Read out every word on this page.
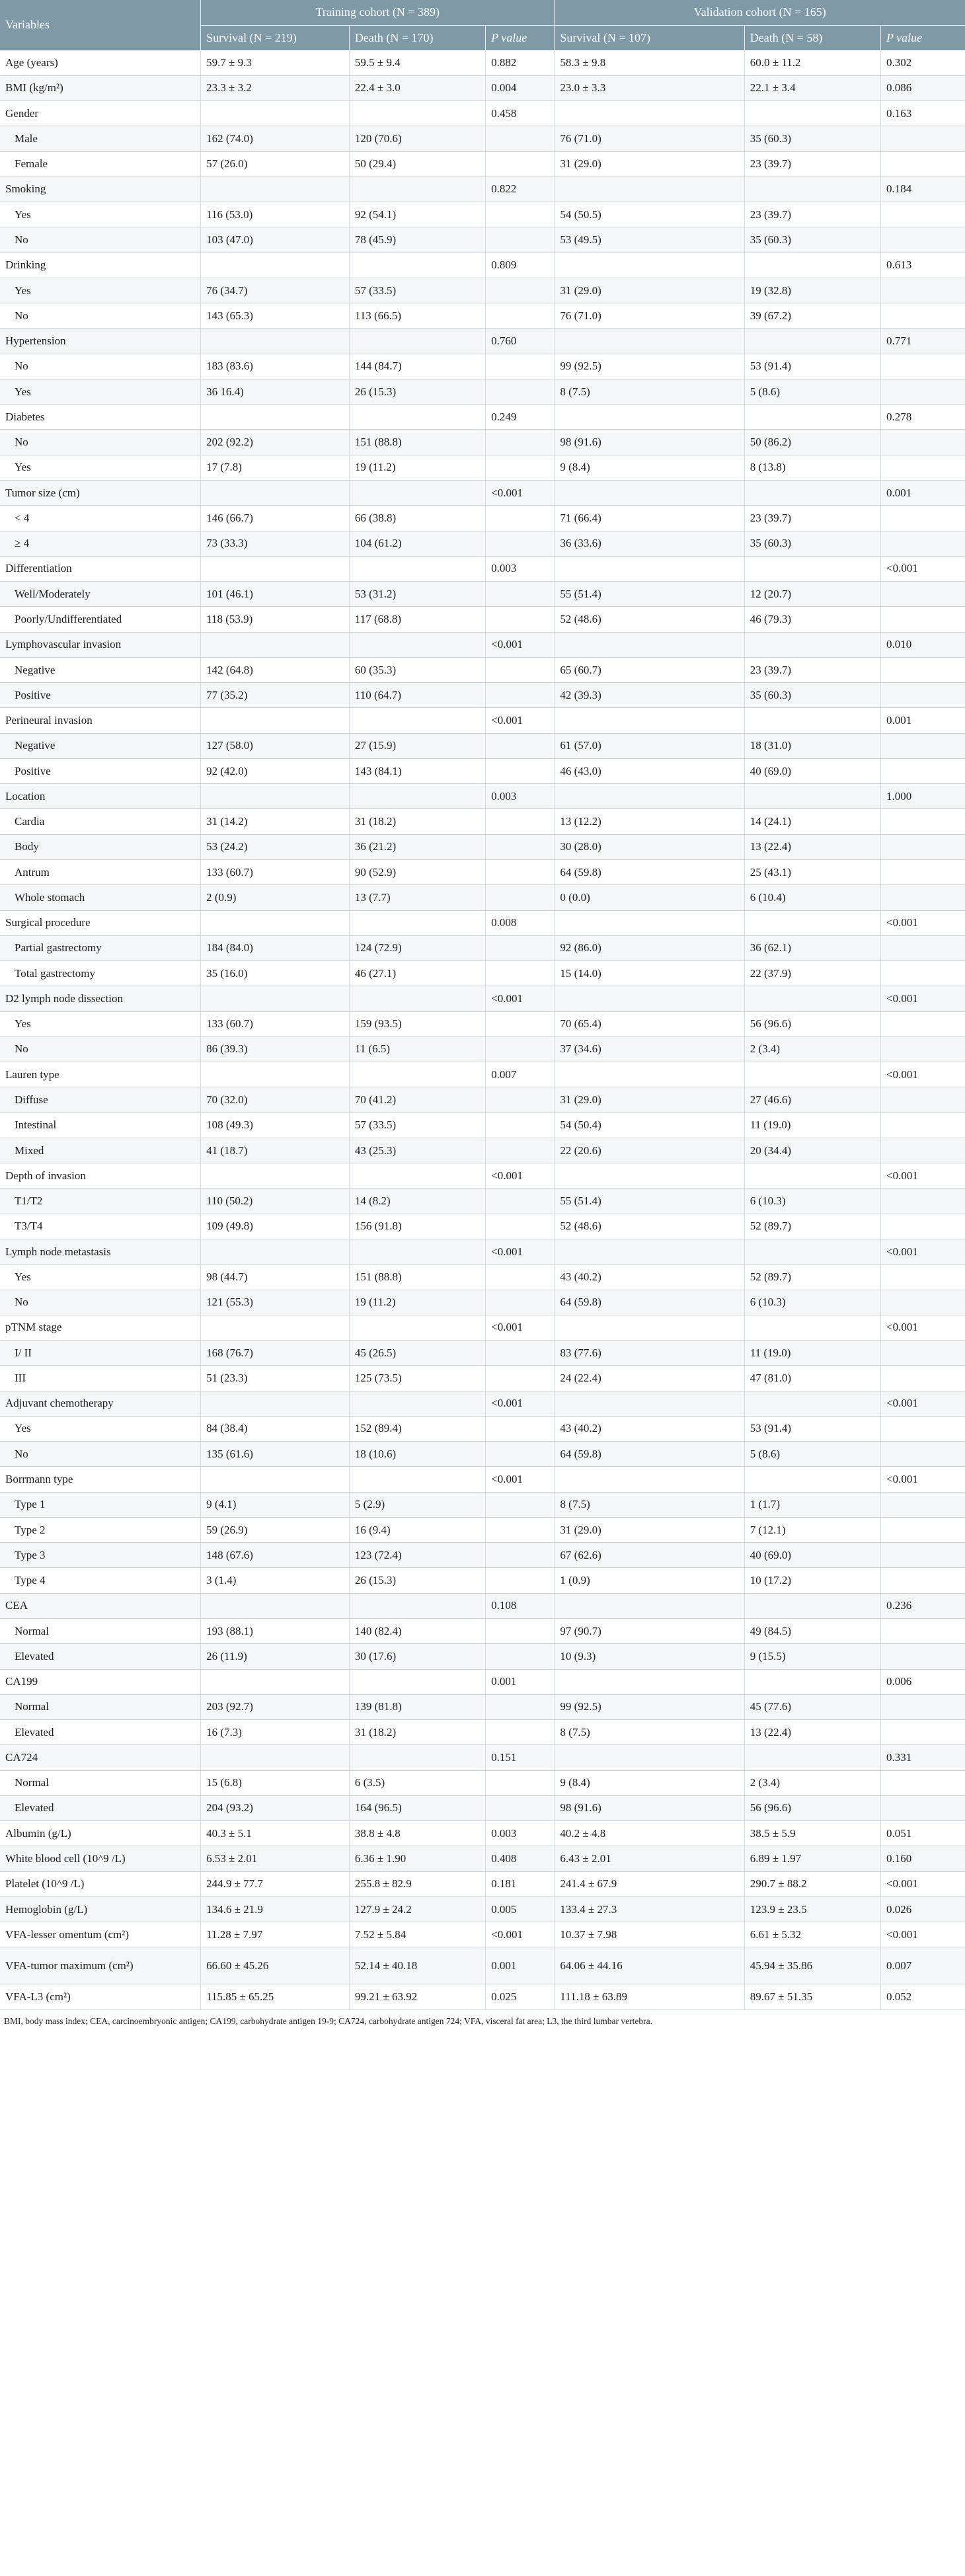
Variables	Training cohort (N = 389)			Validation cohort (N = 165)		
	Survival (N = 219)	Death (N = 170)	P value	Survival (N = 107)	Death (N = 58)	P value
Age (years)	59.7 ± 9.3	59.5 ± 9.4	0.882	58.3 ± 9.8	60.0 ± 11.2	0.302
BMI (kg/m²)	23.3 ± 3.2	22.4 ± 3.0	0.004	23.0 ± 3.3	22.1 ± 3.4	0.086
Gender			0.458			0.163
Male	162 (74.0)	120 (70.6)		76 (71.0)	35 (60.3)	
Female	57 (26.0)	50 (29.4)		31 (29.0)	23 (39.7)	
Smoking			0.822			0.184
Yes	116 (53.0)	92 (54.1)		54 (50.5)	23 (39.7)	
No	103 (47.0)	78 (45.9)		53 (49.5)	35 (60.3)	
Drinking			0.809			0.613
Yes	76 (34.7)	57 (33.5)		31 (29.0)	19 (32.8)	
No	143 (65.3)	113 (66.5)		76 (71.0)	39 (67.2)	
Hypertension			0.760			0.771
No	183 (83.6)	144 (84.7)		99 (92.5)	53 (91.4)	
Yes	36 16.4)	26 (15.3)		8 (7.5)	5 (8.6)	
Diabetes			0.249			0.278
No	202 (92.2)	151 (88.8)		98 (91.6)	50 (86.2)	
Yes	17 (7.8)	19 (11.2)		9 (8.4)	8 (13.8)	
Tumor size (cm)			<0.001			0.001
< 4	146 (66.7)	66 (38.8)		71 (66.4)	23 (39.7)	
≥ 4	73 (33.3)	104 (61.2)		36 (33.6)	35 (60.3)	
Differentiation			0.003			<0.001
Well/Moderately	101 (46.1)	53 (31.2)		55 (51.4)	12 (20.7)	
Poorly/Undifferentiated	118 (53.9)	117 (68.8)		52 (48.6)	46 (79.3)	
Lymphovascular invasion			<0.001			0.010
Negative	142 (64.8)	60 (35.3)		65 (60.7)	23 (39.7)	
Positive	77 (35.2)	110 (64.7)		42 (39.3)	35 (60.3)	
Perineural invasion			<0.001			0.001
Negative	127 (58.0)	27 (15.9)		61 (57.0)	18 (31.0)	
Positive	92 (42.0)	143 (84.1)		46 (43.0)	40 (69.0)	
Location			0.003			1.000
Cardia	31 (14.2)	31 (18.2)		13 (12.2)	14 (24.1)	
Body	53 (24.2)	36 (21.2)		30 (28.0)	13 (22.4)	
Antrum	133 (60.7)	90 (52.9)		64 (59.8)	25 (43.1)	
Whole stomach	2 (0.9)	13 (7.7)		0 (0.0)	6 (10.4)	
Surgical procedure			0.008			<0.001
Partial gastrectomy	184 (84.0)	124 (72.9)		92 (86.0)	36 (62.1)	
Total gastrectomy	35 (16.0)	46 (27.1)		15 (14.0)	22 (37.9)	
D2 lymph node dissection			<0.001			<0.001
Yes	133 (60.7)	159 (93.5)		70 (65.4)	56 (96.6)	
No	86 (39.3)	11 (6.5)		37 (34.6)	2 (3.4)	
Lauren type			0.007			<0.001
Diffuse	70 (32.0)	70 (41.2)		31 (29.0)	27 (46.6)	
Intestinal	108 (49.3)	57 (33.5)		54 (50.4)	11 (19.0)	
Mixed	41 (18.7)	43 (25.3)		22 (20.6)	20 (34.4)	
Depth of invasion			<0.001			<0.001
T1/T2	110 (50.2)	14 (8.2)		55 (51.4)	6 (10.3)	
T3/T4	109 (49.8)	156 (91.8)		52 (48.6)	52 (89.7)	
Lymph node metastasis			<0.001			<0.001
Yes	98 (44.7)	151 (88.8)		43 (40.2)	52 (89.7)	
No	121 (55.3)	19 (11.2)		64 (59.8)	6 (10.3)	
pTNM stage			<0.001			<0.001
I/ II	168 (76.7)	45 (26.5)		83 (77.6)	11 (19.0)	
III	51 (23.3)	125 (73.5)		24 (22.4)	47 (81.0)	
Adjuvant chemotherapy			<0.001			<0.001
Yes	84 (38.4)	152 (89.4)		43 (40.2)	53 (91.4)	
No	135 (61.6)	18 (10.6)		64 (59.8)	5 (8.6)	
Borrmann type			<0.001			<0.001
Type 1	9 (4.1)	5 (2.9)		8 (7.5)	1 (1.7)	
Type 2	59 (26.9)	16 (9.4)		31 (29.0)	7 (12.1)	
Type 3	148 (67.6)	123 (72.4)		67 (62.6)	40 (69.0)	
Type 4	3 (1.4)	26 (15.3)		1 (0.9)	10 (17.2)	
CEA			0.108			0.236
Normal	193 (88.1)	140 (82.4)		97 (90.7)	49 (84.5)	
Elevated	26 (11.9)	30 (17.6)		10 (9.3)	9 (15.5)	
CA199			0.001			0.006
Normal	203 (92.7)	139 (81.8)		99 (92.5)	45 (77.6)	
Elevated	16 (7.3)	31 (18.2)		8 (7.5)	13 (22.4)	
CA724			0.151			0.331
Normal	15 (6.8)	6 (3.5)		9 (8.4)	2 (3.4)	
Elevated	204 (93.2)	164 (96.5)		98 (91.6)	56 (96.6)	
Albumin (g/L)	40.3 ± 5.1	38.8 ± 4.8	0.003	40.2 ± 4.8	38.5 ± 5.9	0.051
White blood cell (10^9 /L)	6.53 ± 2.01	6.36 ± 1.90	0.408	6.43 ± 2.01	6.89 ± 1.97	0.160
Platelet (10^9 /L)	244.9 ± 77.7	255.8 ± 82.9	0.181	241.4 ± 67.9	290.7 ± 88.2	<0.001
Hemoglobin (g/L)	134.6 ± 21.9	127.9 ± 24.2	0.005	133.4 ± 27.3	123.9 ± 23.5	0.026
VFA-lesser omentum (cm²)	11.28 ± 7.97	7.52 ± 5.84	<0.001	10.37 ± 7.98	6.61 ± 5.32	<0.001
VFA-tumor maximum (cm²)	66.60 ± 45.26	52.14 ± 40.18	0.001	64.06 ± 44.16	45.94 ± 35.86	0.007
VFA-L3 (cm²)	115.85 ± 65.25	99.21 ± 63.92	0.025	111.18 ± 63.89	89.67 ± 51.35	0.052
BMI, body mass index; CEA, carcinoembryonic antigen; CA199, carbohydrate antigen 19-9; CA724, carbohydrate antigen 724; VFA, visceral fat area; L3, the third lumbar vertebra.
